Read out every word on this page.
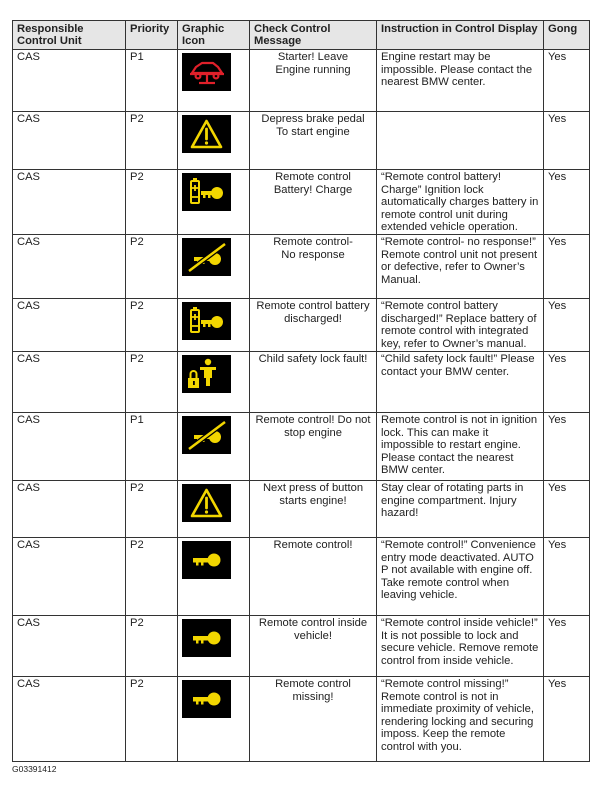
Responsible Control Unit	Priority	Graphic Icon	Check Control Message	Instruction in Control Display	Gong
CAS	P1		Starter! Leave
Engine running	Engine restart may be impossible. Please contact the nearest BMW center.	Yes
CAS	P2		Depress brake pedal
To start engine		Yes
CAS	P2		Remote control
Battery! Charge	“Remote control battery! Charge” Ignition lock automatically charges battery in remote control unit during extended vehicle operation.	Yes
CAS	P2		Remote control-
No response	“Remote control- no response!” Remote control unit not present or defective, refer to Owner’s Manual.	Yes
CAS	P2		Remote control battery
discharged!	“Remote control battery discharged!” Replace battery of remote control with integrated key, refer to Owner’s manual.	Yes
CAS	P2		Child safety lock fault!	“Child safety lock fault!” Please contact your BMW center.	Yes
CAS	P1		Remote control! Do not
stop engine	Remote control is not in ignition lock. This can make it impossible to restart engine. Please contact the nearest BMW center.	Yes
CAS	P2		Next press of button
starts engine!	Stay clear of rotating parts in engine compartment. Injury hazard!	Yes
CAS	P2		Remote control!	“Remote control!” Convenience entry mode deactivated. AUTO P not available with engine off. Take remote control when leaving vehicle.	Yes
CAS	P2		Remote control inside
vehicle!	“Remote control inside vehicle!” It is not possible to lock and secure vehicle. Remove remote control from inside vehicle.	Yes
CAS	P2		Remote control missing!	“Remote control missing!” Remote control is not in immediate proximity of vehicle, rendering locking and securing imposs. Keep the remote control with you.	Yes
G03391412
